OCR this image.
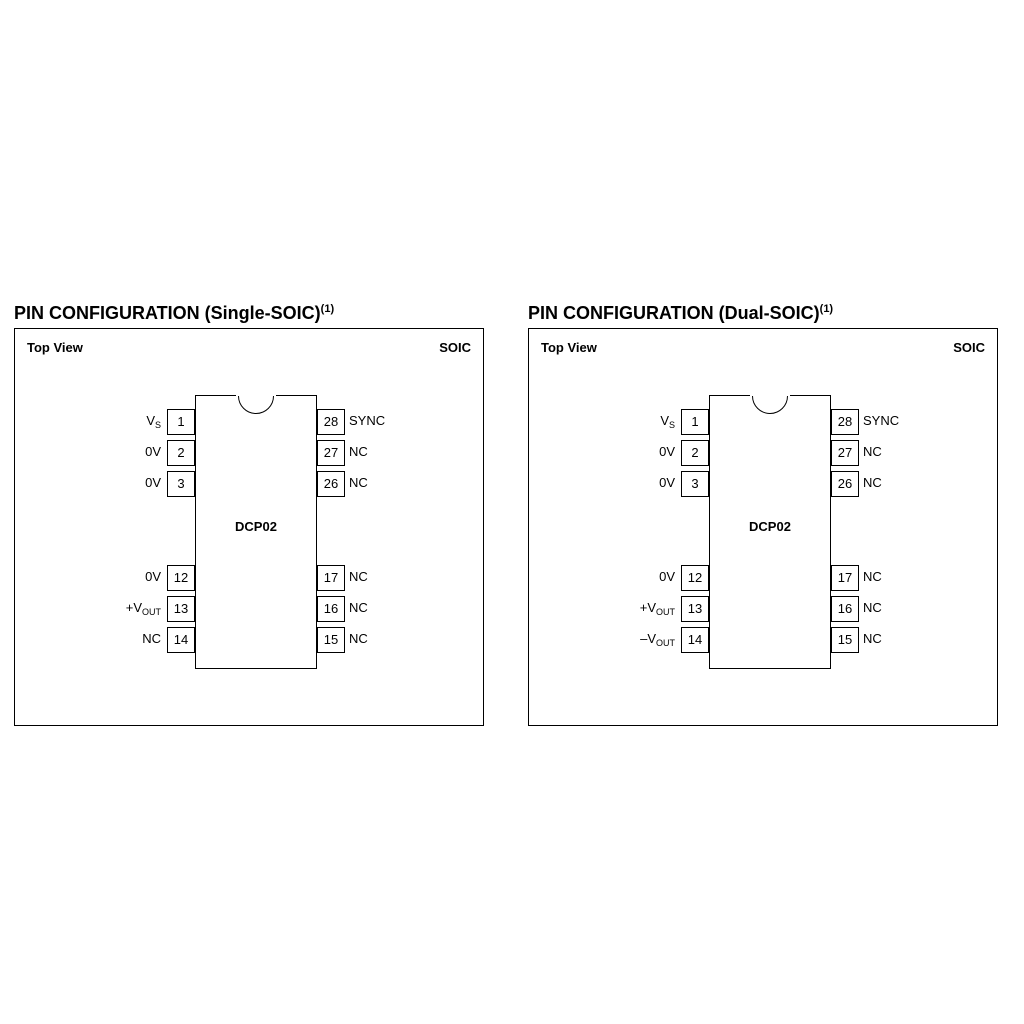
PIN CONFIGURATION (Single-SOIC)$^{(1)}$
Top View	SOIC
DCP02
1
$V_S$
2
0V
3
0V
12
0V
13
$+V_{OUT}$
14
NC
28 SYNC
27 NC
26 NC
17 NC
16 NC
15 NC
PIN CONFIGURATION (Dual-SOIC)$^{(1)}$
Top View	SOIC
DCP02
1
$V_S$
2
0V
3
0V
12
0V
13
$+V_{OUT}$
14
$-V_{OUT}$
28 SYNC
27 NC
26 NC
17 NC
16 NC
15 NC
